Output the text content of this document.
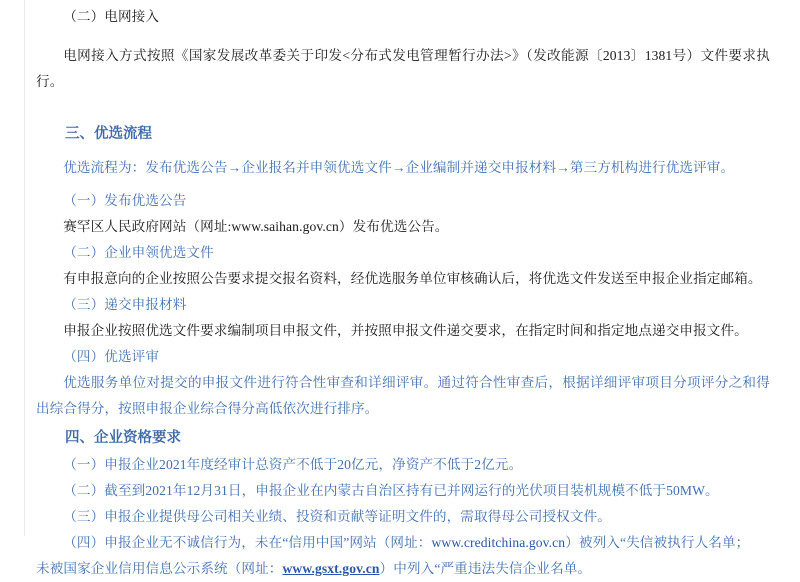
（二）电网接入

电网接入方式按照《国家发展改革委关于印发<分布式发电管理暂行办法>》（发改能源〔2013〕1381号）文件要求执行。

三、优选流程

优选流程为：发布优选公告→企业报名并申领优选文件→企业编制并递交申报材料→第三方机构进行优选评审。

（一）发布优选公告

赛罕区人民政府网站（网址:www.saihan.gov.cn）发布优选公告。

（二）企业申领优选文件

有申报意向的企业按照公告要求提交报名资料，经优选服务单位审核确认后，将优选文件发送至申报企业指定邮箱。

（三）递交申报材料

申报企业按照优选文件要求编制项目申报文件，并按照申报文件递交要求，在指定时间和指定地点递交申报文件。

（四）优选评审

优选服务单位对提交的申报文件进行符合性审查和详细评审。通过符合性审查后，根据详细评审项目分项评分之和得出综合得分，按照申报企业综合得分高低依次进行排序。

四、企业资格要求

（一）申报企业2021年度经审计总资产不低于20亿元，净资产不低于2亿元。

（二）截至到2021年12月31日，申报企业在内蒙古自治区持有已并网运行的光伏项目装机规模不低于50MW。

（三）申报企业提供母公司相关业绩、投资和贡献等证明文件的，需取得母公司授权文件。

（四）申报企业无不诚信行为，未在“信用中国”网站（网址：www.creditchina.gov.cn）被列入“失信被执行人名单；

未被国家企业信用信息公示系统（网址：www.gsxt.gov.cn）中列入“严重违法失信企业名单。
